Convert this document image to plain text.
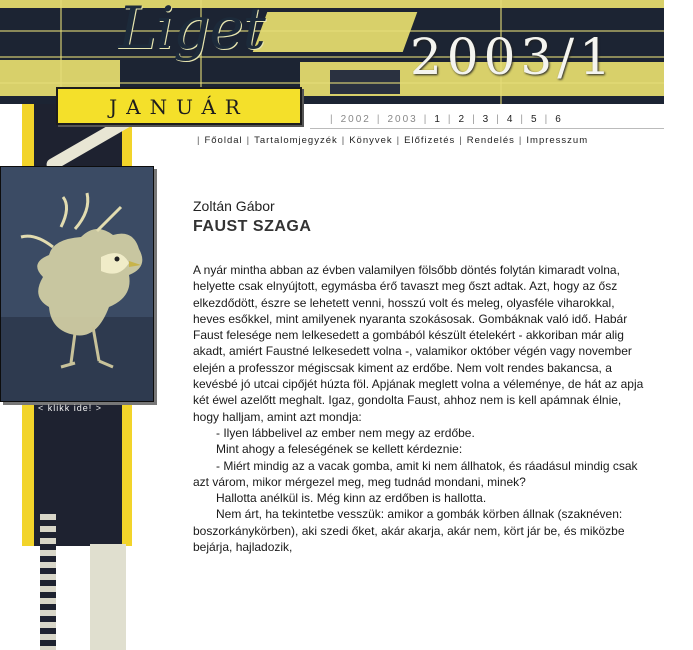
Liget	2003/1
JANUÁR
< klikk ide! >
| 2002 | 2003 | 1 | 2 | 3 | 4 | 5 | 6
| Főoldal | Tartalomjegyzék | Könyvek | Előfizetés | Rendelés | Impresszum
Zoltán Gábor
FAUST SZAGA

A nyár mintha abban az évben valamilyen fölsőbb döntés folytán kimaradt volna,

helyette csak elnyújtott, egymásba érő tavaszt meg őszt adtak. Azt, hogy az ősz

elkezdődött, észre se lehetett venni, hosszú volt és meleg, olyasféle viharokkal,

heves esőkkel, mint amilyenek nyaranta szokásosak. Gombáknak való idő. Habár

Faust felesége nem lelkesedett a gombából készült ételekért - akkoriban már alig

akadt, amiért Faustné lelkesedett volna -, valamikor október végén vagy november

elején a professzor mégiscsak kiment az erdőbe. Nem volt rendes bakancsa, a

kevésbé jó utcai cipőjét húzta föl. Apjának meglett volna a véleménye, de hát az apja

két éwel azelőtt meghalt. Igaz, gondolta Faust, ahhoz nem is kell apámnak élnie,

hogy halljam, amint azt mondja:

- Ilyen lábbelivel az ember nem megy az erdőbe.

Mint ahogy a feleségének se kellett kérdeznie:

- Miért mindig az a vacak gomba, amit ki nem állhatok, és ráadásul mindig csak

azt várom, mikor mérgezel meg, meg tudnád mondani, minek?

Hallotta anélkül is. Még kinn az erdőben is hallotta.

Nem árt, ha tekintetbe vesszük: amikor a gombák körben állnak (szaknéven:

boszorkánykörben), aki szedi őket, akár akarja, akár nem, kört jár be, és miközbe

bejárja, hajladozik,
